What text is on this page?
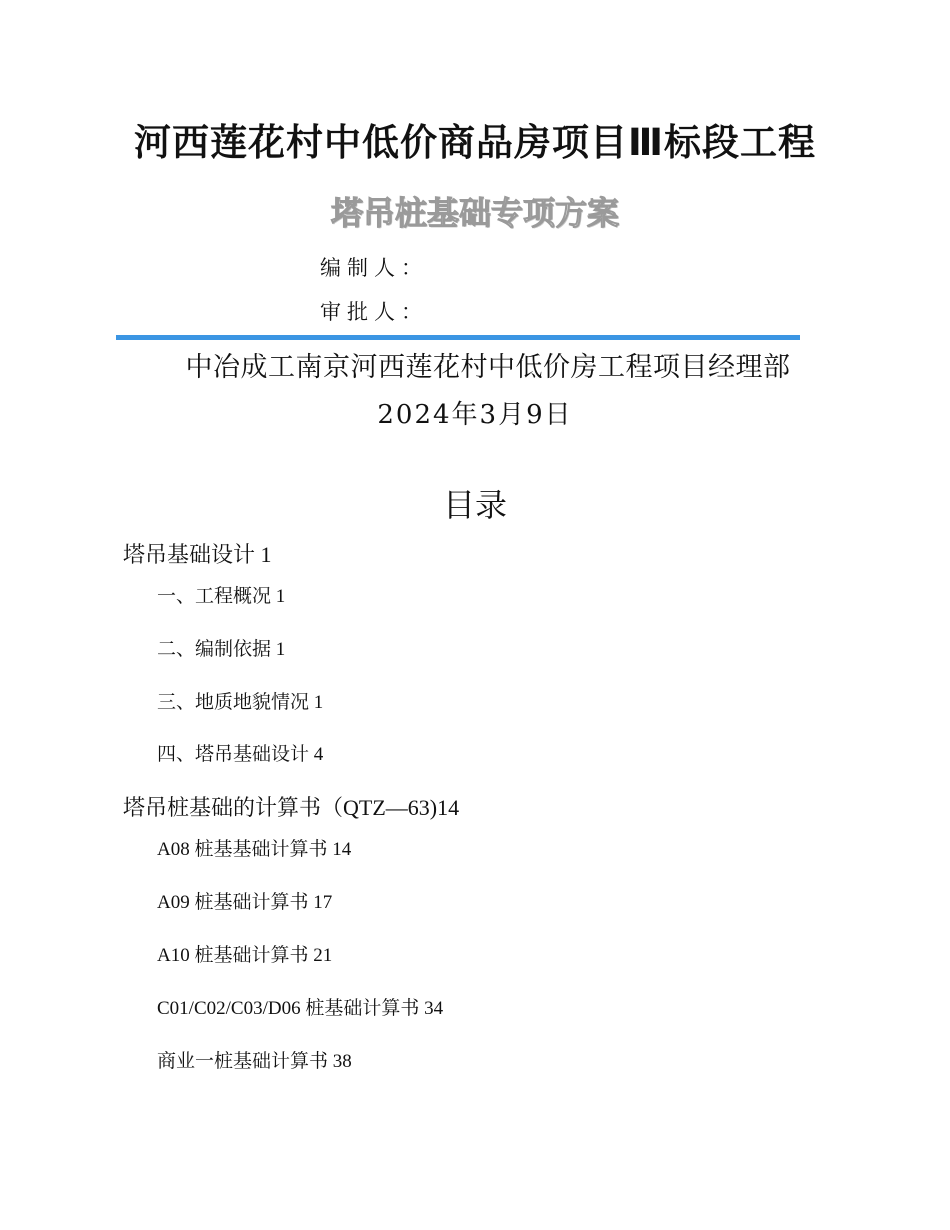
河西莲花村中低价商品房项目Ⅲ标段工程
塔吊桩基础专项方案
编制人：
审批人：
中冶成工南京河西莲花村中低价房工程项目经理部
2024年3月9日
目录
塔吊基础设计 1
一、工程概况 1
二、编制依据 1
三、地质地貌情况 1
四、塔吊基础设计 4
塔吊桩基础的计算书（QTZ—63)14
A08 桩基基础计算书 14
A09 桩基础计算书 17
A10 桩基础计算书 21
C01/C02/C03/D06 桩基础计算书 34
商业一桩基础计算书 38
